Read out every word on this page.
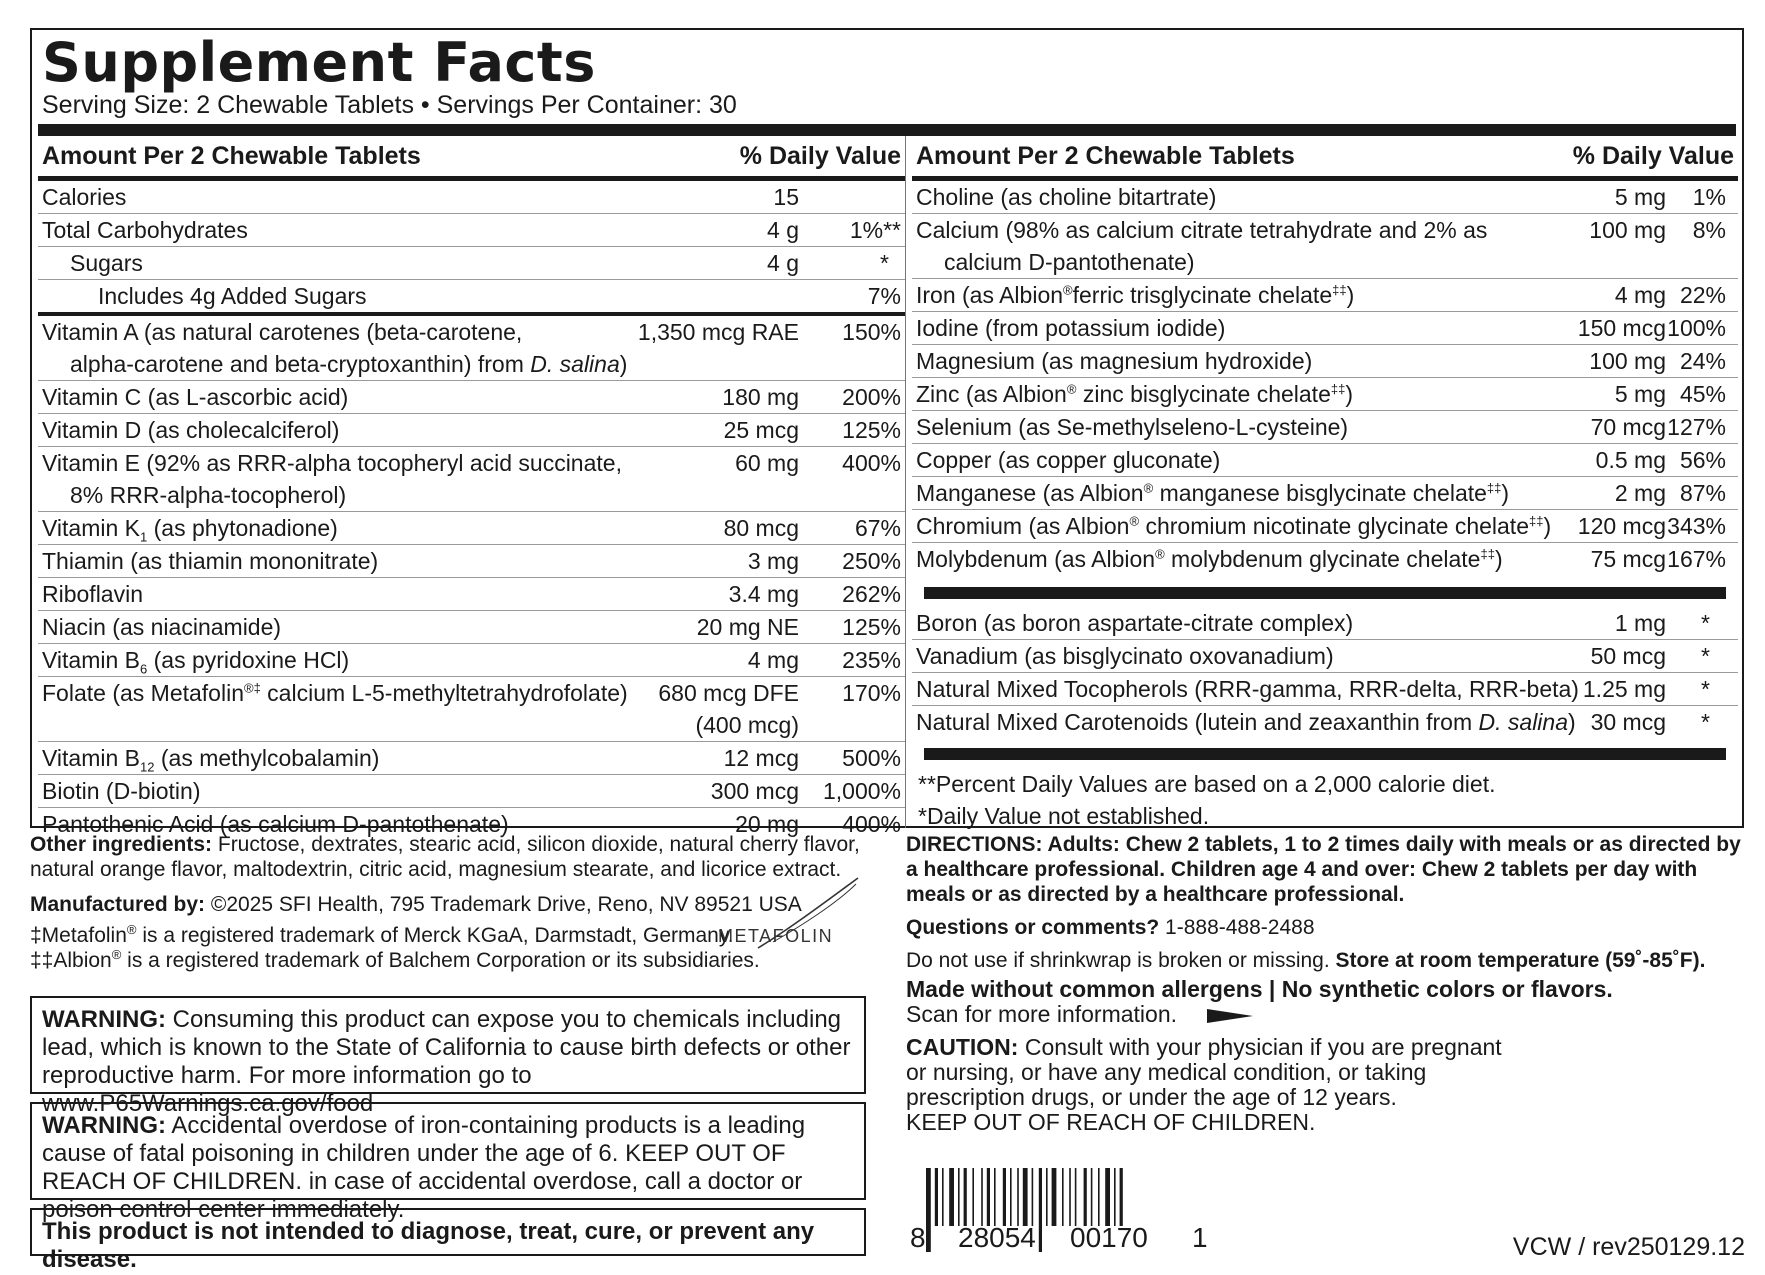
Supplement Facts
Serving Size: 2 Chewable Tablets • Servings Per Container: 30
Amount Per 2 Chewable Tablets	% Daily Value
Calories	15
Total Carbohydrates	4 g 1%**
Sugars	4 g	*
Includes 4g Added Sugars	7%
Vitamin A (as natural carotenes (beta-carotene,
alpha-carotene and beta-cryptoxanthin) from D. salina)
1,350 mcg RAE 150%
Vitamin C (as L-ascorbic acid)	180 mg 200%
Vitamin D (as cholecalciferol)	25 mcg 125%
Vitamin E (92% as RRR-alpha tocopheryl acid succinate,
8% RRR-alpha-tocopherol)
60 mg 400%
Vitamin $K_1$ (as phytonadione)	80 mcg 67%
Thiamin (as thiamin mononitrate)	3 mg 250%
Riboflavin	3.4 mg 262%
Niacin (as niacinamide)	20 mg NE 125%
Vitamin $B_6$ (as pyridoxine HCl)	4 mg 235%
Folate (as Metafolin®‡ calcium L-5-methyltetrahydrofolate) 680 mcg DFE
(400 mcg)
170%
Vitamin $B_{12}$ (as methylcobalamin)	12 mcg 500%
Biotin (D-biotin)	300 mcg 1,000%
Pantothenic Acid (as calcium D-pantothenate)	20 mg 400%
Amount Per 2 Chewable Tablets	% Daily Value
Choline (as choline bitartrate)	5 mg 1%
Calcium (98% as calcium citrate tetrahydrate and 2% as
calcium D-pantothenate)
100 mg 8%
Iron (as Albion®ferric trisglycinate chelate‡‡)	4 mg 22%
Iodine (from potassium iodide)	150 mcg 100%
Magnesium (as magnesium hydroxide)	100 mg 24%
Zinc (as Albion® zinc bisglycinate chelate‡‡)	5 mg 45%
Selenium (as Se-methylseleno-L-cysteine)	70 mcg 127%
Copper (as copper gluconate)	0.5 mg 56%
Manganese (as Albion® manganese bisglycinate chelate‡‡)	2 mg 87%
Chromium (as Albion® chromium nicotinate glycinate chelate‡‡) 120 mcg 343%
Molybdenum (as Albion® molybdenum glycinate chelate‡‡)	75 mcg 167%
Boron (as boron aspartate-citrate complex)	1 mg *
Vanadium (as bisglycinato oxovanadium)	50 mcg *
Natural Mixed Tocopherols (RRR-gamma, RRR-delta, RRR-beta) 1.25 mg *
Natural Mixed Carotenoids (lutein and zeaxanthin from D. salina) 30 mcg *
**Percent Daily Values are based on a 2,000 calorie diet.
*Daily Value not established.

Other ingredients: Fructose, dextrates, stearic acid, silicon dioxide, natural cherry flavor, natural orange flavor, maltodextrin, citric acid, magnesium stearate, and licorice extract.

Manufactured by: ©2025 SFI Health, 795 Trademark Drive, Reno, NV 89521 USA

‡Metafolin® is a registered trademark of Merck KGaA, Darmstadt, Germany.

‡‡Albion® is a registered trademark of Balchem Corporation or its subsidiaries.

METAFOLIN
WARNING: Consuming this product can expose you to chemicals including lead, which is known to the State of California to cause birth defects or other reproductive harm. For more information go to www.P65Warnings.ca.gov/food
WARNING: Accidental overdose of iron-containing products is a leading cause of fatal poisoning in children under the age of 6. KEEP OUT OF REACH OF CHILDREN. in case of accidental overdose, call a doctor or poison control center immediately.
This product is not intended to diagnose, treat, cure, or prevent any disease.

DIRECTIONS: Adults: Chew 2 tablets, 1 to 2 times daily with meals or as directed by a healthcare professional. Children age 4 and over: Chew 2 tablets per day with meals or as directed by a healthcare professional.

Questions or comments? 1-888-488-2488

Do not use if shrinkwrap is broken or missing. Store at room temperature (59˚-85˚F).

Made without common allergens | No synthetic colors or flavors.

Scan for more information.

CAUTION: Consult with your physician if you are pregnant or nursing, or have any medical condition, or taking prescription drugs, or under the age of 12 years.

KEEP OUT OF REACH OF CHILDREN.

8 28054 00170 1	VCW / rev250129.12
